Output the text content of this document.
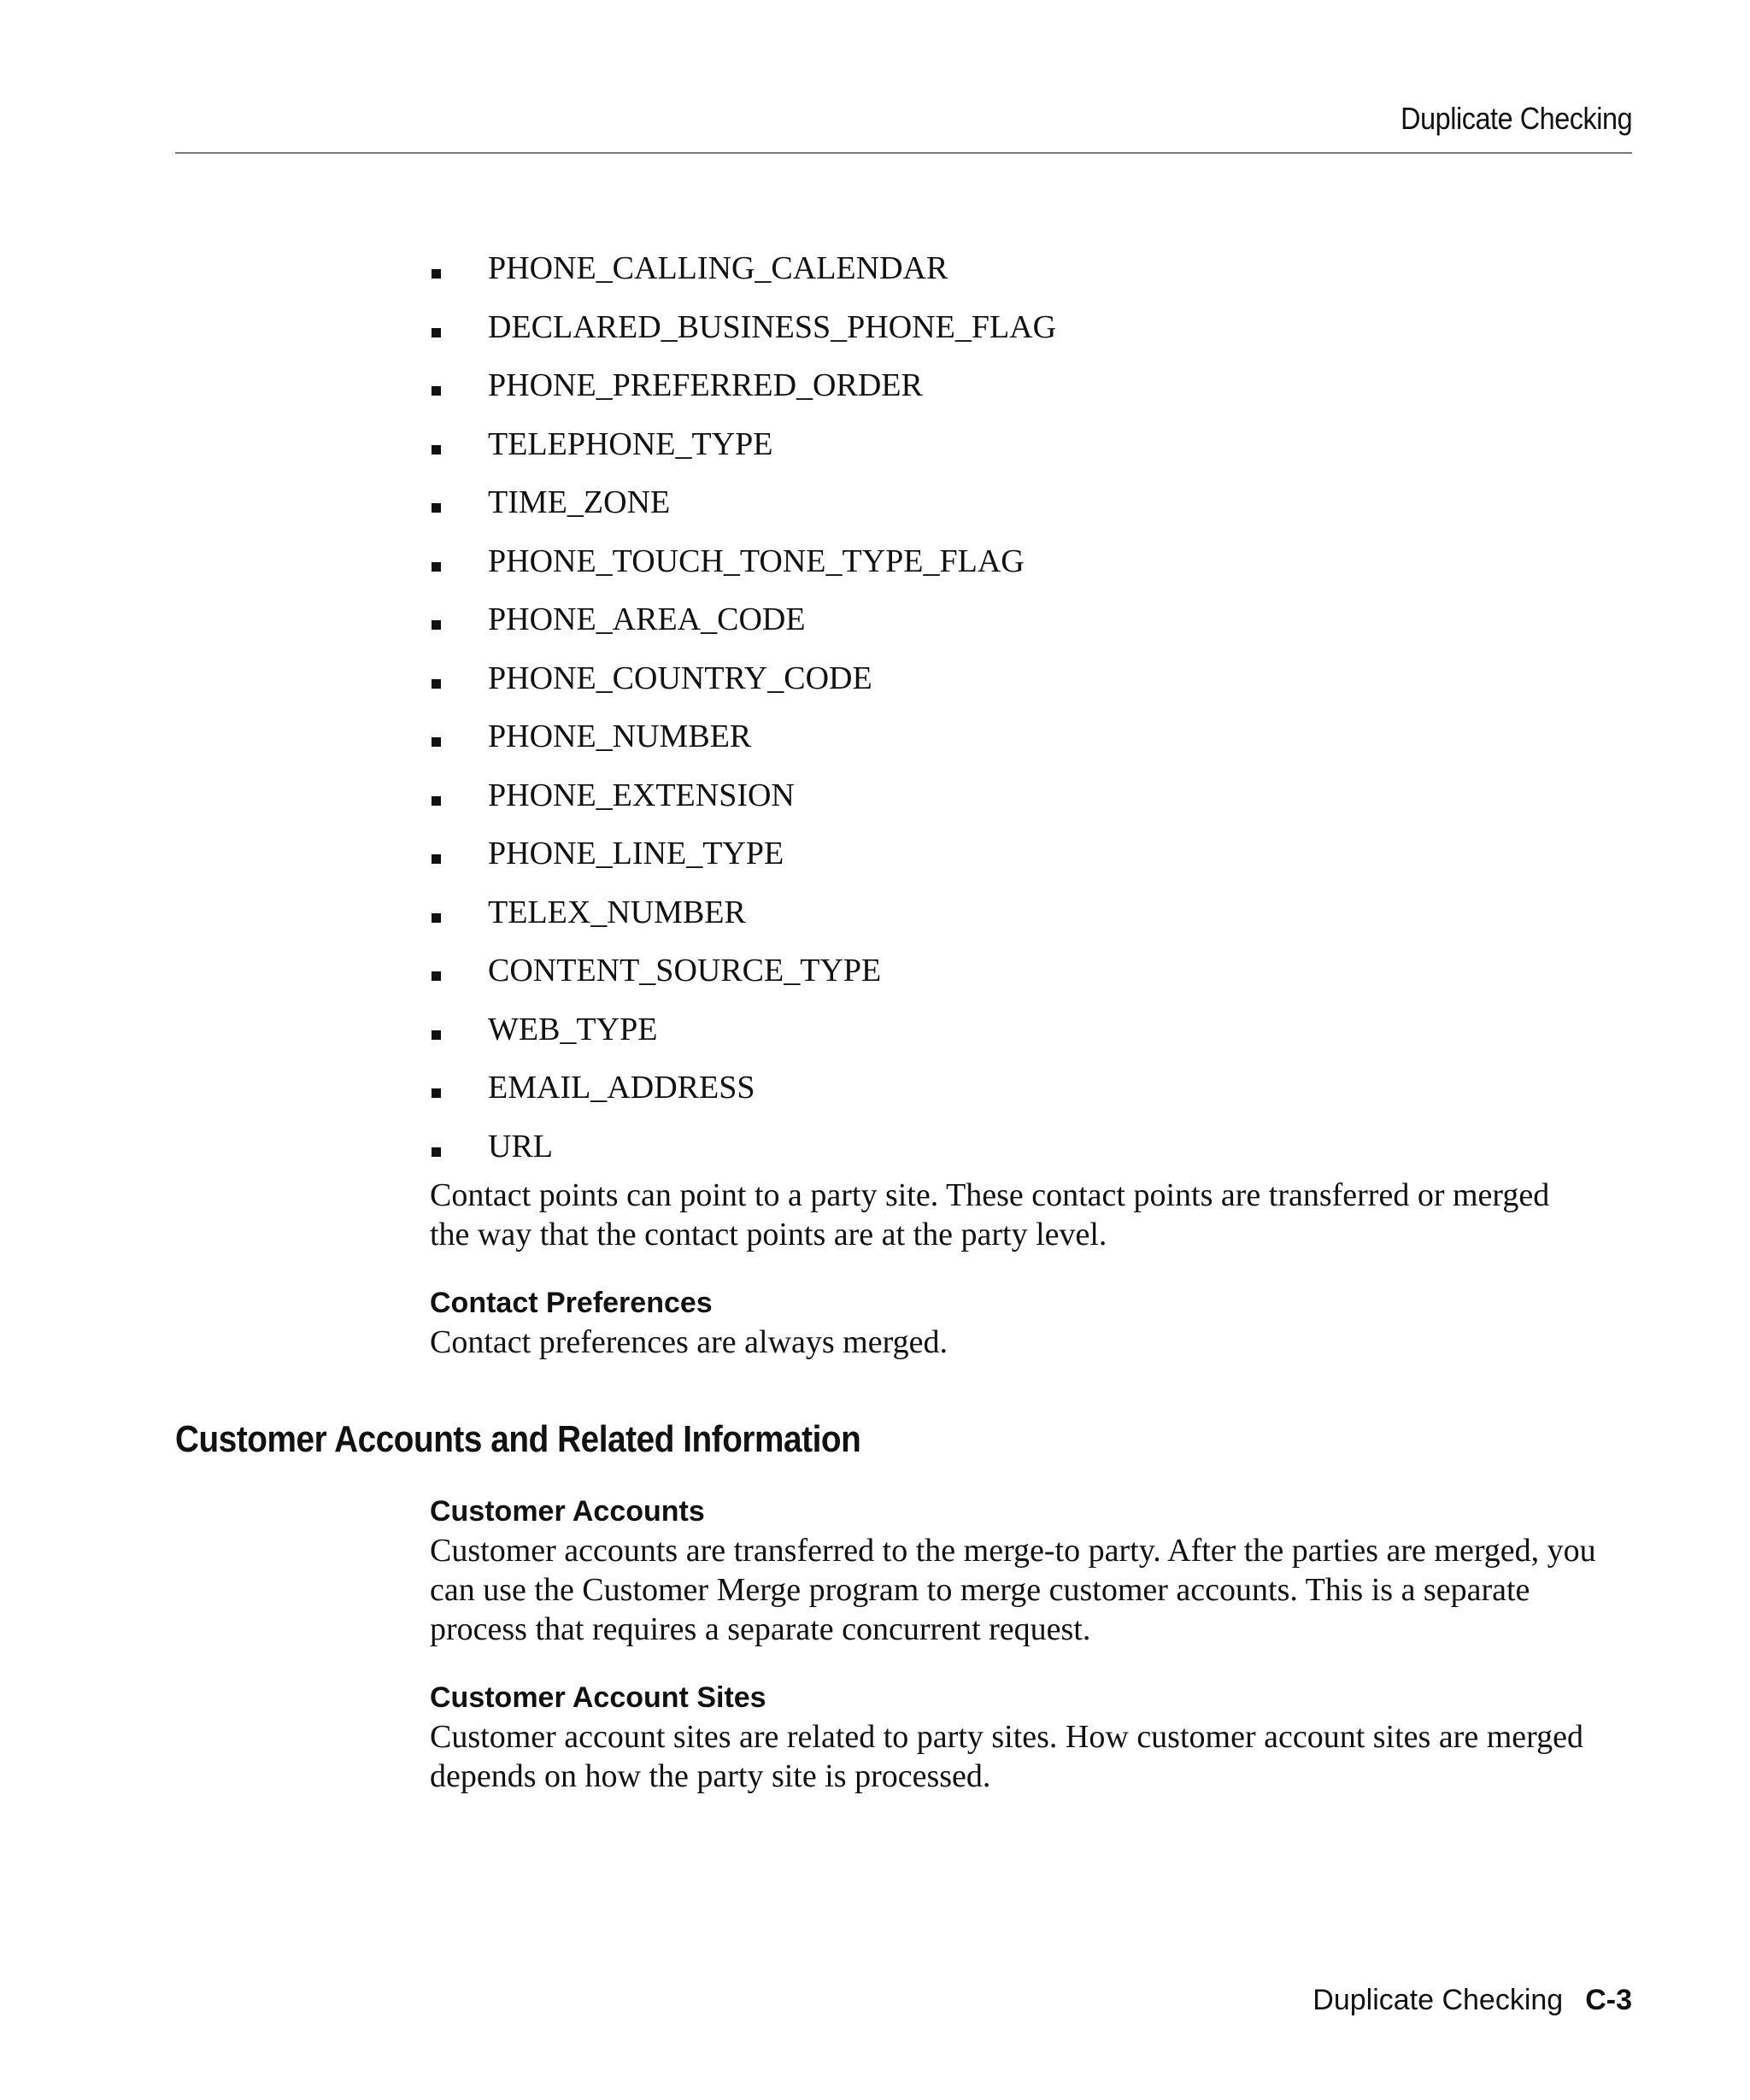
Duplicate Checking
PHONE_CALLING_CALENDAR
DECLARED_BUSINESS_PHONE_FLAG
PHONE_PREFERRED_ORDER
TELEPHONE_TYPE
TIME_ZONE
PHONE_TOUCH_TONE_TYPE_FLAG
PHONE_AREA_CODE
PHONE_COUNTRY_CODE
PHONE_NUMBER
PHONE_EXTENSION
PHONE_LINE_TYPE
TELEX_NUMBER
CONTENT_SOURCE_TYPE
WEB_TYPE
EMAIL_ADDRESS
URL

Contact points can point to a party site. These contact points are transferred or merged the way that the contact points are at the party level.

Contact Preferences

Contact preferences are always merged.

Customer Accounts and Related Information
Customer Accounts

Customer accounts are transferred to the merge-to party. After the parties are merged, you can use the Customer Merge program to merge customer accounts. This is a separate process that requires a separate concurrent request.

Customer Account Sites

Customer account sites are related to party sites. How customer account sites are merged depends on how the party site is processed.

Duplicate Checking C-3
